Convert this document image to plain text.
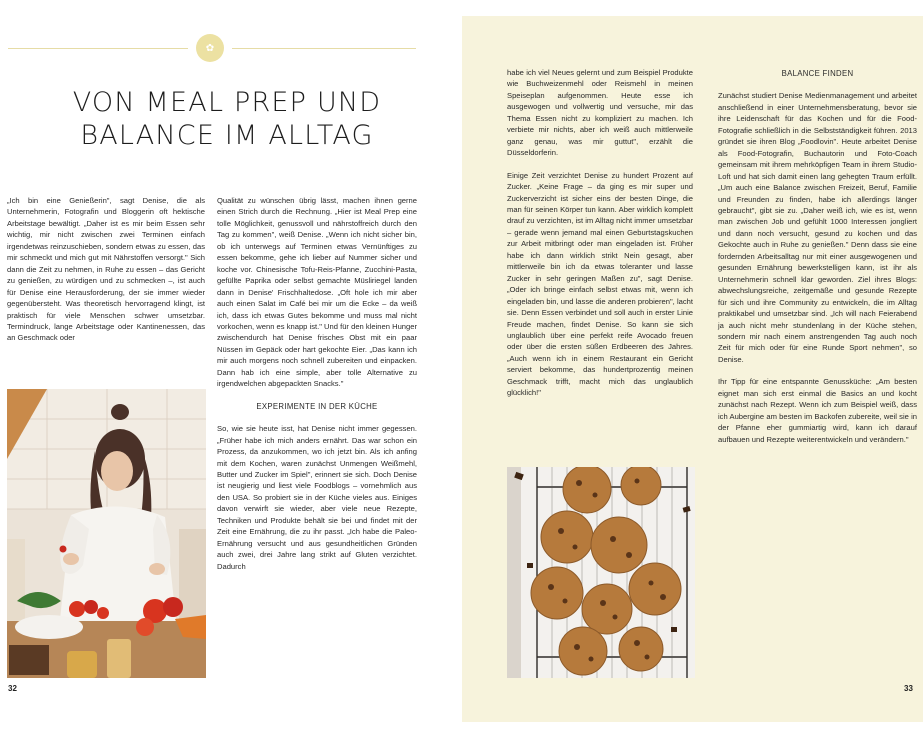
✿
VON MEAL PREP UND BALANCE IM ALLTAG

„Ich bin eine Genießerin", sagt Denise, die als Unternehmerin, Fotografin und Bloggerin oft hektische Arbeitstage bewältigt. „Daher ist es mir beim Essen sehr wichtig, mir nicht zwischen zwei Terminen einfach irgendetwas reinzuschieben, sondern etwas zu essen, das mir schmeckt und mich gut mit Nährstoffen versorgt." Sich dann die Zeit zu nehmen, in Ruhe zu essen – das Gericht zu genießen, zu würdigen und zu schmecken –, ist auch für Denise eine Herausforderung, der sie immer wieder gegenübersteht. Was theoretisch hervorragend klingt, ist praktisch für viele Menschen schwer umsetzbar. Termindruck, lange Arbeitstage oder Kantinenessen, das an Geschmack oder

Qualität zu wünschen übrig lässt, machen ihnen gerne einen Strich durch die Rechnung. „Hier ist Meal Prep eine tolle Möglichkeit, genussvoll und nährstoffreich durch den Tag zu kommen", weiß Denise. „Wenn ich nicht sicher bin, ob ich unterwegs auf Terminen etwas Vernünftiges zu essen bekomme, gehe ich lieber auf Nummer sicher und koche vor. Chinesische Tofu-Reis-Pfanne, Zucchini-Pasta, gefüllte Paprika oder selbst gemachte Müsliriegel landen dann in Denise' Frischhaltedose. „Oft hole ich mir aber auch einen Salat im Café bei mir um die Ecke – da weiß ich, dass ich etwas Gutes bekomme und muss mal nicht vorkochen, wenn es knapp ist." Und für den kleinen Hunger zwischendurch hat Denise frisches Obst mit ein paar Nüssen im Gepäck oder hart gekochte Eier. „Das kann ich mir auch morgens noch schnell zubereiten und einpacken. Dann hab ich eine simple, aber tolle Alternative zu irgendwelchen abgepackten Snacks."

EXPERIMENTE IN DER KÜCHE

So, wie sie heute isst, hat Denise nicht immer gegessen. „Früher habe ich mich anders ernährt. Das war schon ein Prozess, da anzukommen, wo ich jetzt bin. Als ich anfing mit dem Kochen, waren zunächst Unmengen Weißmehl, Butter und Zucker im Spiel", erinnert sie sich. Doch Denise ist neugierig und liest viele Foodblogs – vornehmlich aus den USA. So probiert sie in der Küche vieles aus. Einiges davon verwirft sie wieder, aber viele neue Rezepte, Techniken und Produkte behält sie bei und findet mit der Zeit eine Ernährung, die zu ihr passt. „Ich habe die Paleo-Ernährung versucht und aus gesundheitlichen Gründen auch zwei, drei Jahre lang strikt auf Gluten verzichtet. Dadurch

32

habe ich viel Neues gelernt und zum Beispiel Produkte wie Buchweizenmehl oder Reismehl in meinen Speiseplan aufgenommen. Heute esse ich ausgewogen und vollwertig und versuche, mir das Thema Essen nicht zu kompliziert zu machen. Ich verbiete mir nichts, aber ich weiß auch mittlerweile ganz genau, was mir guttut", erzählt die Düsseldorferin.

Einige Zeit verzichtet Denise zu hundert Prozent auf Zucker. „Keine Frage – da ging es mir super und Zuckerverzicht ist sicher eins der besten Dinge, die man für seinen Körper tun kann. Aber wirklich komplett drauf zu verzichten, ist im Alltag nicht immer umsetzbar – gerade wenn jemand mal einen Geburtstagskuchen zur Arbeit mitbringt oder man eingeladen ist. Früher habe ich dann wirklich strikt Nein gesagt, aber mittlerweile bin ich da etwas toleranter und lasse Zucker in sehr geringen Maßen zu", sagt Denise. „Oder ich bringe einfach selbst etwas mit, wenn ich eingeladen bin, und lasse die anderen probieren", lacht sie. Denn Essen verbindet und soll auch in erster Linie Freude machen, findet Denise. So kann sie sich unglaublich über eine perfekt reife Avocado freuen oder über die ersten süßen Erdbeeren des Jahres. „Auch wenn ich in einem Restaurant ein Gericht serviert bekomme, das hundertprozentig meinen Geschmack trifft, macht mich das unglaublich glücklich!"

BALANCE FINDEN

Zunächst studiert Denise Medienmanagement und arbeitet anschließend in einer Unternehmensberatung, bevor sie ihre Leidenschaft für das Kochen und für die Food-Fotografie schließlich in die Selbstständigkeit führen. 2013 gründet sie ihren Blog „Foodlovin". Heute arbeitet Denise als Food-Fotografin, Buchautorin und Foto-Coach gemeinsam mit ihrem mehrköpfigen Team in ihrem Studio-Loft und hat sich damit einen lang gehegten Traum erfüllt. „Um auch eine Balance zwischen Freizeit, Beruf, Familie und Freunden zu finden, habe ich allerdings länger gebraucht", gibt sie zu. „Daher weiß ich, wie es ist, wenn man zwischen Job und gefühlt 1000 Interessen jongliert und dann noch versucht, gesund zu kochen und das Gekochte auch in Ruhe zu genießen." Denn dass sie eine fordernden Arbeitsalltag nur mit einer ausgewogenen und gesunden Ernährung bewerkstelligen kann, ist ihr als Unternehmerin schnell klar geworden. Ziel ihres Blogs: abwechslungsreiche, zeitgemäße und gesunde Rezepte für sich und ihre Community zu entwickeln, die im Alltag praktikabel und umsetzbar sind. „Ich will nach Feierabend ja auch nicht mehr stundenlang in der Küche stehen, sondern mir nach einem anstrengenden Tag auch noch Zeit für mich oder für eine Runde Sport nehmen", so Denise.

Ihr Tipp für eine entspannte Genussküche: „Am besten eignet man sich erst einmal die Basics an und kocht zunächst nach Rezept. Wenn ich zum Beispiel weiß, dass ich Aubergine am besten im Backofen zubereite, weil sie in der Pfanne eher gummiartig wird, kann ich darauf aufbauen und Rezepte weiterentwickeln und verändern."

33
